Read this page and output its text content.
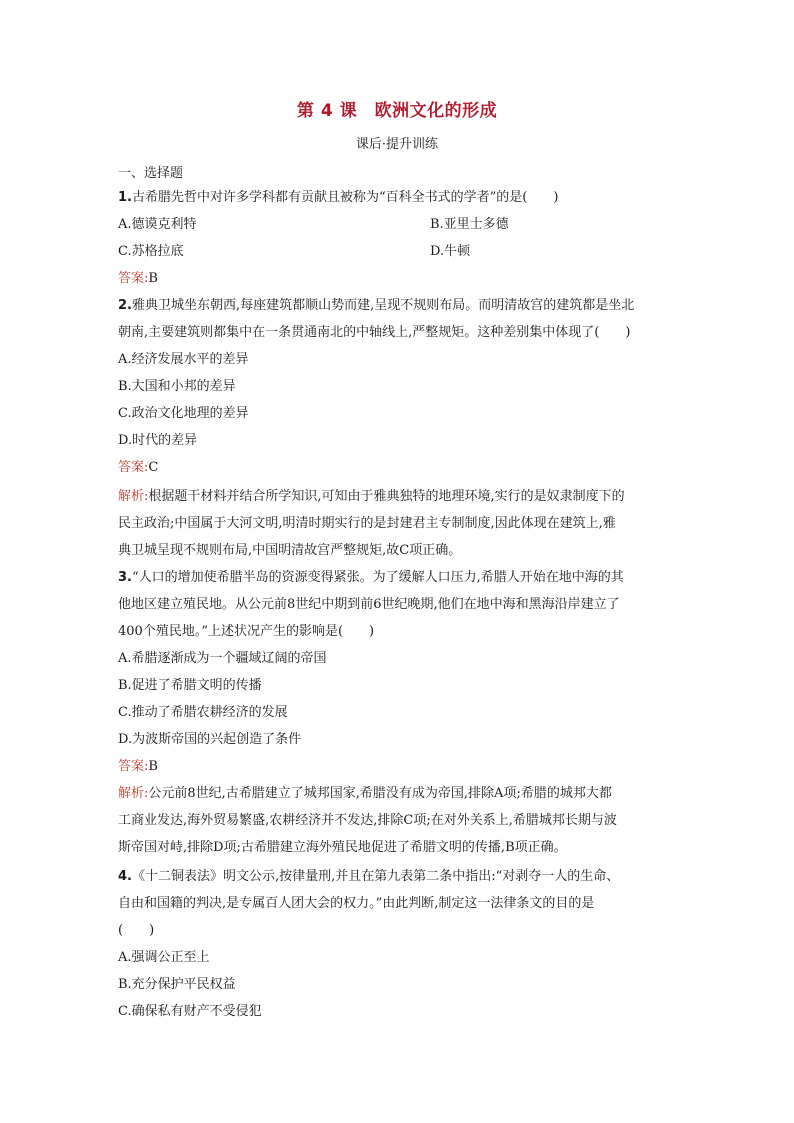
第 4 课　欧洲文化的形成
课后·提升训练
一、选择题
1.古希腊先哲中对许多学科都有贡献且被称为“百科全书式的学者”的是(　　)
A.德谟克利特	B.亚里士多德
C.苏格拉底	D.牛顿
答案:B
2.雅典卫城坐东朝西,每座建筑都顺山势而建,呈现不规则布局。而明清故宫的建筑都是坐北
朝南,主要建筑则都集中在一条贯通南北的中轴线上,严整规矩。这种差别集中体现了(　　)
A.经济发展水平的差异
B.大国和小邦的差异
C.政治文化地理的差异
D.时代的差异
答案:C
解析:根据题干材料并结合所学知识,可知由于雅典独特的地理环境,实行的是奴隶制度下的
民主政治;中国属于大河文明,明清时期实行的是封建君主专制制度,因此体现在建筑上,雅
典卫城呈现不规则布局,中国明清故宫严整规矩,故C项正确。
3.“人口的增加使希腊半岛的资源变得紧张。为了缓解人口压力,希腊人开始在地中海的其
他地区建立殖民地。从公元前8世纪中期到前6世纪晚期,他们在地中海和黑海沿岸建立了
400个殖民地。”上述状况产生的影响是(　　)
A.希腊逐渐成为一个疆域辽阔的帝国
B.促进了希腊文明的传播
C.推动了希腊农耕经济的发展
D.为波斯帝国的兴起创造了条件
答案:B
解析:公元前8世纪,古希腊建立了城邦国家,希腊没有成为帝国,排除A项;希腊的城邦大都
工商业发达,海外贸易繁盛,农耕经济并不发达,排除C项;在对外关系上,希腊城邦长期与波
斯帝国对峙,排除D项;古希腊建立海外殖民地促进了希腊文明的传播,B项正确。
4.《十二铜表法》明文公示,按律量刑,并且在第九表第二条中指出:“对剥夺一人的生命、
自由和国籍的判决,是专属百人团大会的权力。”由此判断,制定这一法律条文的目的是
(　　)
A.强调公正至上
B.充分保护平民权益
C.确保私有财产不受侵犯
